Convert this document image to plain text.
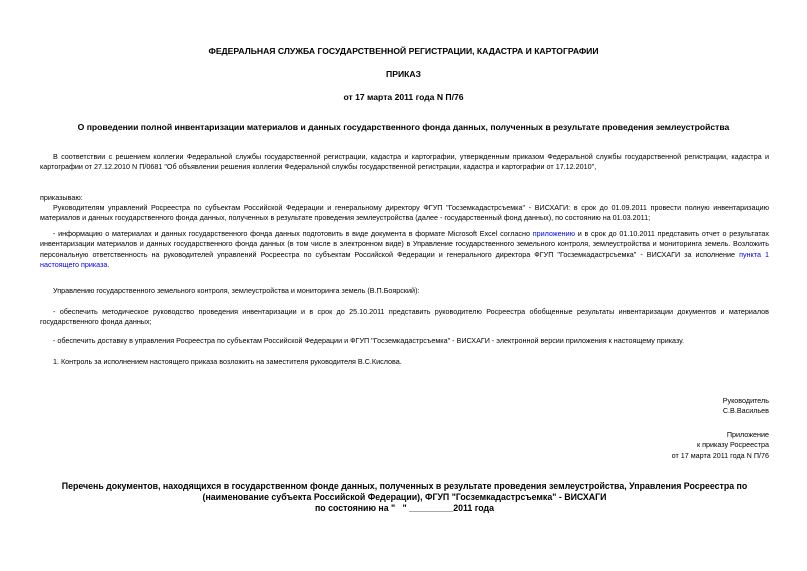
ФЕДЕРАЛЬНАЯ СЛУЖБА ГОСУДАРСТВЕННОЙ РЕГИСТРАЦИИ, КАДАСТРА И КАРТОГРАФИИ
ПРИКАЗ
от 17 марта 2011 года N П/76
О проведении полной инвентаризации материалов и данных государственного фонда данных, полученных в результате проведения землеустройства
В соответствии с решением коллегии Федеральной службы государственной регистрации, кадастра и картографии, утвержденным приказом Федеральной службы государственной регистрации, кадастра и картографии от 27.12.2010 N П/0681 "Об объявлении решения коллегии Федеральной службы государственной регистрации, кадастра и картографии от 17.12.2010",
приказываю:
Руководителям управлений Росреестра по субъектам Российской Федерации и генеральному директору ФГУП "Госземкадастрсъемка" - ВИСХАГИ: в срок до 01.09.2011 провести полную инвентаризацию материалов и данных государственного фонда данных, полученных в результате проведения землеустройства (далее - государственный фонд данных), по состоянию на 01.03.2011;
- информацию о материалах и данных государственного фонда данных подготовить в виде документа в формате Microsoft Excel согласно приложению и в срок до 01.10.2011 представить отчет о результатах инвентаризации материалов и данных государственного фонда данных (в том числе в электронном виде) в Управление государственного земельного контроля, землеустройства и мониторинга земель. Возложить персональную ответственность на руководителей управлений Росреестра по субъектам Российской Федерации и генерального директора ФГУП "Госземкадастрсъемка" - ВИСХАГИ за исполнение пункта 1 настоящего приказа.
Управлению государственного земельного контроля, землеустройства и мониторинга земель (В.П.Боярский):
- обеспечить методическое руководство проведения инвентаризации и в срок до 25.10.2011 представить руководителю Росреестра обобщенные результаты инвентаризации документов и материалов государственного фонда данных;
- обеспечить доставку в управления Росреестра по субъектам Российской Федерации и ФГУП "Госземкадастрсъемка" - ВИСХАГИ - электронной версии приложения к настоящему приказу.
1. Контроль за исполнением настоящего приказа возложить на заместителя руководителя В.С.Кислова.
Руководитель
С.В.Васильев
Приложение
к приказу Росреестра
от 17 марта 2011 года N П/76
Перечень документов, находящихся в государственном фонде данных, полученных в результате проведения землеустройства, Управления Росреестра по
(наименование субъекта Российской Федерации), ФГУП "Госземкадастрсъемка" - ВИСХАГИ
по состоянию на "   " _________2011 года
